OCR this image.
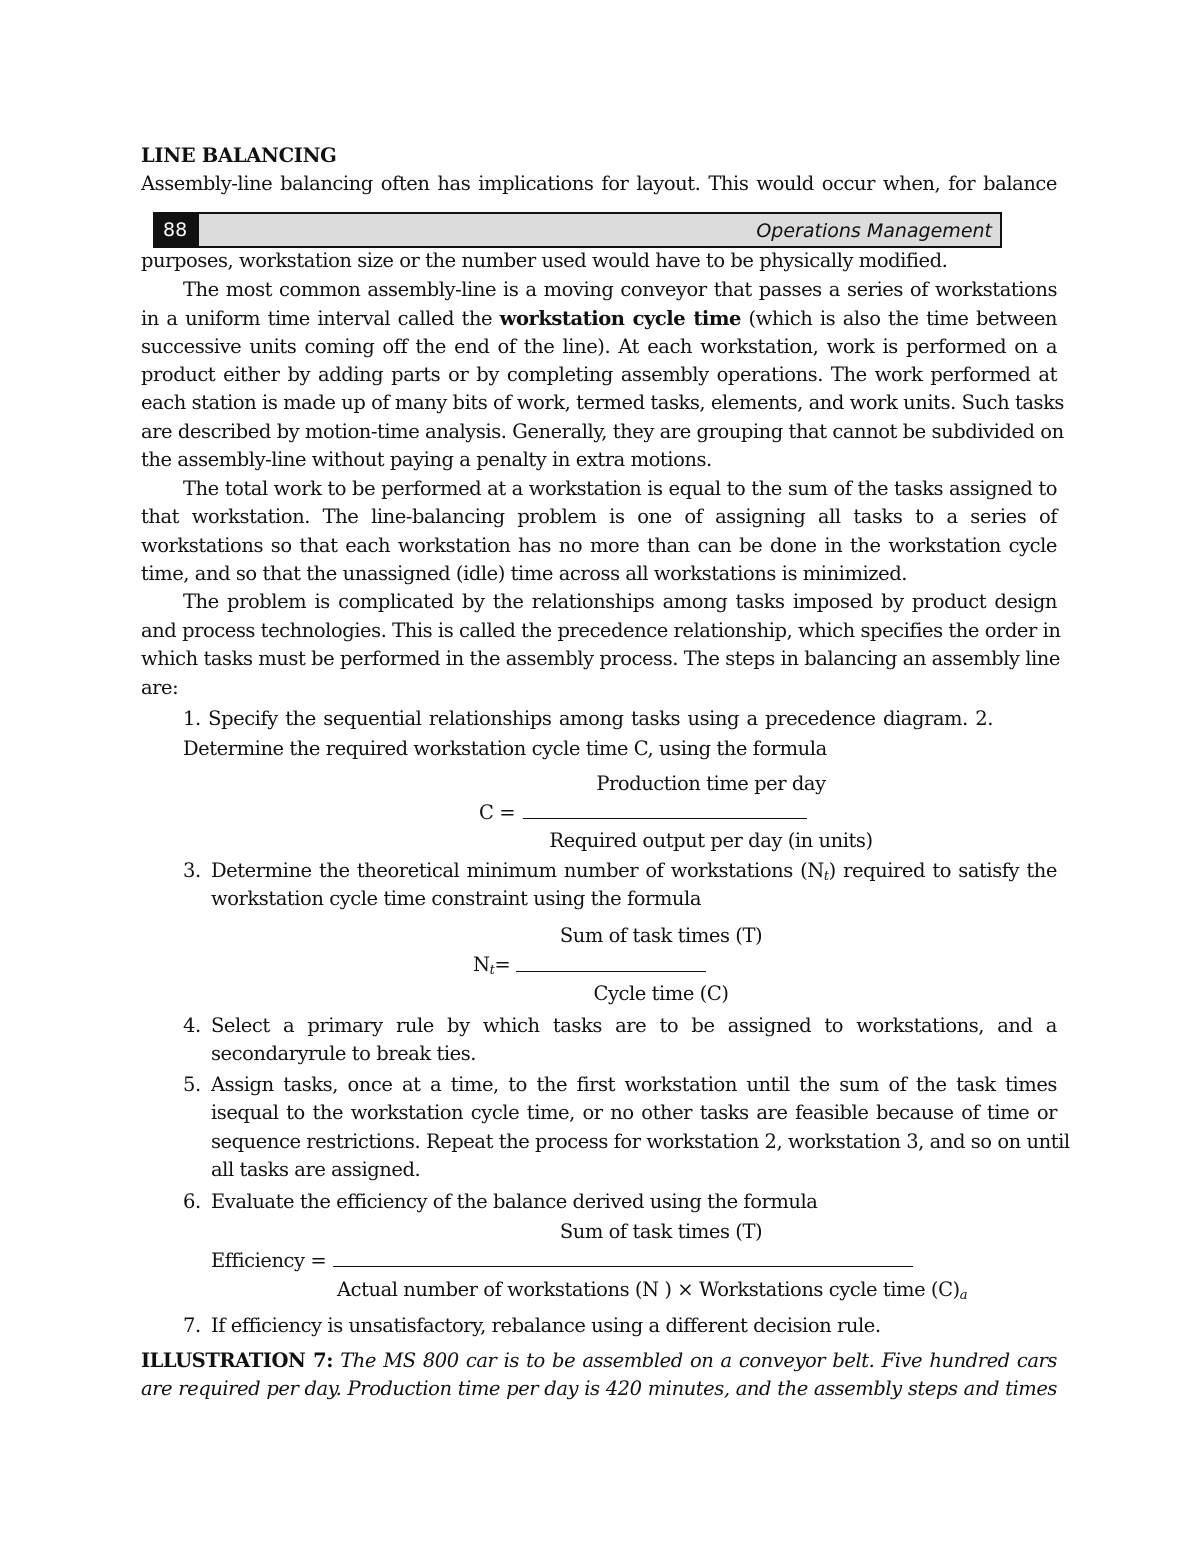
LINE BALANCING
Assembly-line balancing often has implications for layout. This would occur when, for balance
purposes, workstation size or the number used would have to be physically modified.
The most common assembly-line is a moving conveyor that passes a series of workstations
in a uniform time interval called the workstation cycle time (which is also the time between
successive units coming off the end of the line). At each workstation, work is performed on a
product either by adding parts or by completing assembly operations. The work performed at
each station is made up of many bits of work, termed tasks, elements, and work units. Such tasks
are described by motion-time analysis. Generally, they are grouping that cannot be subdivided on
the assembly-line without paying a penalty in extra motions.
The total work to be performed at a workstation is equal to the sum of the tasks assigned to
that workstation. The line-balancing problem is one of assigning all tasks to a series of
workstations so that each workstation has no more than can be done in the workstation cycle
time, and so that the unassigned (idle) time across all workstations is minimized.
The problem is complicated by the relationships among tasks imposed by product design
and process technologies. This is called the precedence relationship, which specifies the order in
which tasks must be performed in the assembly process. The steps in balancing an assembly line
are:
1. Specify the sequential relationships among tasks using a precedence diagram. 2.
Determine the required workstation cycle time C, using the formula
Production time per day
C =
Required output per day (in units)
3. Determine the theoretical minimum number of workstations $(N_t)$ required to satisfy the
workstation cycle time constraint using the formula
Sum of task times (T)
$N_t=$
Cycle time (C)
4. Select a primary rule by which tasks are to be assigned to workstations, and a
secondaryrule to break ties.
5. Assign tasks, once at a time, to the first workstation until the sum of the task times
isequal to the workstation cycle time, or no other tasks are feasible because of time or
sequence restrictions. Repeat the process for workstation 2, workstation 3, and so on until
all tasks are assigned.
6. Evaluate the efficiency of the balance derived using the formula
Sum of task times (T)
Efficiency =
Actual number of workstations (N ) × Workstations cycle time $(C)_a$
7. If efficiency is unsatisfactory, rebalance using a different decision rule.
ILLUSTRATION 7: The MS 800 car is to be assembled on a conveyor belt. Five hundred cars
are required per day. Production time per day is 420 minutes, and the assembly steps and times
88	Operations Management
